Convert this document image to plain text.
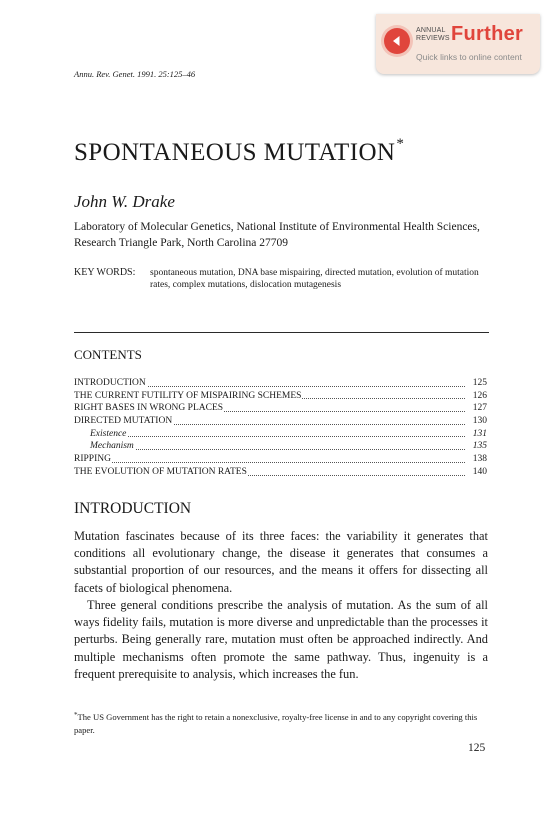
ANNUAL
REVIEWS Further
Quick links to online content
Annu. Rev. Genet. 1991. 25:125–46
SPONTANEOUS MUTATION*
John W. Drake
Laboratory of Molecular Genetics, National Institute of Environmental Health Sciences, Research Triangle Park, North Carolina 27709
KEY WORDS: spontaneous mutation, DNA base mispairing, directed mutation, evolution of mutation rates, complex mutations, dislocation mutagenesis
CONTENTS
INTRODUCTION	125
THE CURRENT FUTILITY OF MISPAIRING SCHEMES	126
RIGHT BASES IN WRONG PLACES	127
DIRECTED MUTATION	130
Existence	131
Mechanism	135
RIPPING	138
THE EVOLUTION OF MUTATION RATES	140
INTRODUCTION
Mutation fascinates because of its three faces: the variability it generates that conditions all evolutionary change, the disease it generates that consumes a substantial proportion of our resources, and the means it offers for dissecting all facets of biological phenomena.
Three general conditions prescribe the analysis of mutation. As the sum of all ways fidelity fails, mutation is more diverse and unpredictable than the processes it perturbs. Being generally rare, mutation must often be approached indirectly. And multiple mechanisms often promote the same pathway. Thus, ingenuity is a frequent prerequisite to analysis, which increases the fun.
*The US Government has the right to retain a nonexclusive, royalty-free license in and to any copyright covering this paper.
125
